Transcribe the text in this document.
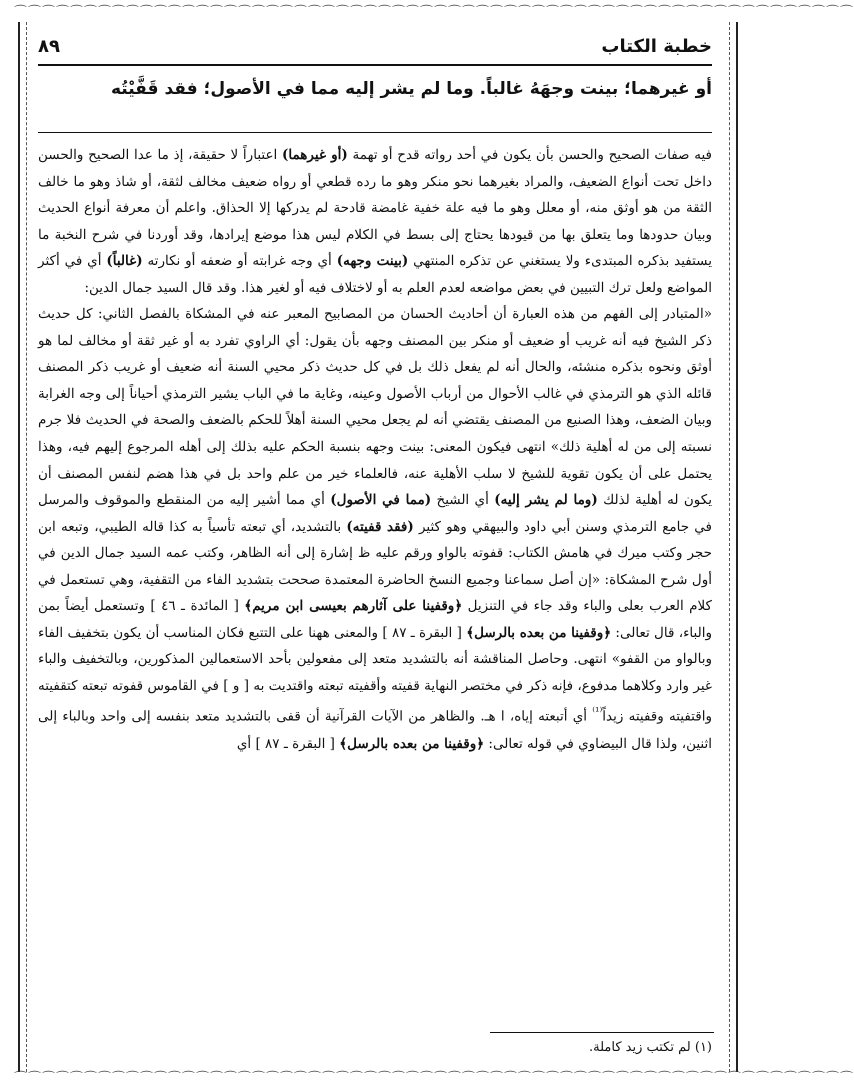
⌒⌒⌒⌒⌒⌒⌒⌒⌒⌒⌒⌒⌒⌒⌒⌒⌒⌒⌒⌒⌒⌒⌒⌒⌒⌒⌒⌒⌒⌒⌒⌒⌒⌒⌒⌒⌒⌒⌒⌒⌒⌒⌒⌒⌒⌒⌒⌒⌒⌒⌒⌒⌒⌒⌒⌒⌒⌒⌒⌒
⌒⌒⌒⌒⌒⌒⌒⌒⌒⌒⌒⌒⌒⌒⌒⌒⌒⌒⌒⌒⌒⌒⌒⌒⌒⌒⌒⌒⌒⌒⌒⌒⌒⌒⌒⌒⌒⌒⌒⌒⌒⌒⌒⌒⌒⌒⌒⌒⌒⌒⌒⌒⌒⌒⌒⌒⌒⌒⌒⌒
خطبة الكتاب
٨٩
أو غيرهما؛ بينت وجهَهُ غالباً. وما لم يشر إليه مما في الأصول؛ فقد قَفَّيْتُه

فيه صفات الصحيح والحسن بأن يكون في أحد رواته قدح أو تهمة (أو غيرهما) اعتباراً لا حقيقة، إذ ما عدا الصحيح والحسن داخل تحت أنواع الضعيف، والمراد بغيرهما نحو منكر وهو ما رده قطعي أو رواه ضعيف مخالف لثقة، أو شاذ وهو ما خالف الثقة من هو أوثق منه، أو معلل وهو ما فيه علة خفية غامضة قادحة لم يدركها إلا الحذاق. واعلم أن معرفة أنواع الحديث وبيان حدودها وما يتعلق بها من قيودها يحتاج إلى بسط في الكلام ليس هذا موضع إيرادها، وقد أوردنا في شرح النخبة ما يستفيد بذكره المبتدىء ولا يستغني عن تذكره المنتهي (بينت وجهه) أي وجه غرابته أو ضعفه أو نكارته (غالباً) أي في أكثر المواضع ولعل ترك التبيين في بعض مواضعه لعدم العلم به أو لاختلاف فيه أو لغير هذا. وقد قال السيد جمال الدين:

«المتبادر إلى الفهم من هذه العبارة أن أحاديث الحسان من المصابيح المعبر عنه في المشكاة بالفصل الثاني: كل حديث ذكر الشيخ فيه أنه غريب أو ضعيف أو منكر بين المصنف وجهه بأن يقول: أي الراوي تفرد به أو غير ثقة أو مخالف لما هو أوثق ونحوه بذكره منشئه، والحال أنه لم يفعل ذلك بل في كل حديث ذكر محيي السنة أنه ضعيف أو غريب ذكر المصنف قائله الذي هو الترمذي في غالب الأحوال من أرباب الأصول وعينه، وغاية ما في الباب يشير الترمذي أحياناً إلى وجه الغرابة وبيان الضعف، وهذا الصنيع من المصنف يقتضي أنه لم يجعل محيي السنة أهلاً للحكم بالضعف والصحة في الحديث فلا جرم نسبته إلى من له أهلية ذلك» انتهى فيكون المعنى: بينت وجهه بنسبة الحكم عليه بذلك إلى أهله المرجوع إليهم فيه، وهذا يحتمل على أن يكون تقوية للشيخ لا سلب الأهلية عنه، فالعلماء خير من علم واحد بل في هذا هضم لنفس المصنف أن يكون له أهلية لذلك (وما لم يشر إليه) أي الشيخ (مما في الأصول) أي مما أشير إليه من المنقطع والموقوف والمرسل في جامع الترمذي وسنن أبي داود والبيهقي وهو كثير (فقد قفيته) بالتشديد، أي تبعته تأسياً به كذا قاله الطيبي، وتبعه ابن حجر وكتب ميرك في هامش الكتاب: قفوته بالواو ورقم عليه ظ إشارة إلى أنه الظاهر، وكتب عمه السيد جمال الدين في أول شرح المشكاة: «إن أصل سماعنا وجميع النسخ الحاضرة المعتمدة صححت بتشديد الفاء من التقفية، وهي تستعمل في كلام العرب بعلى والباء وقد جاء في التنزيل ﴿وقفينا على آثارهم بعيسى ابن مريم﴾ [ المائدة ـ ٤٦ ] وتستعمل أيضاً بمن والباء، قال تعالى: ﴿وقفينا من بعده بالرسل﴾ [ البقرة ـ ٨٧ ] والمعنى ههنا على التتبع فكان المناسب أن يكون بتخفيف الفاء وبالواو من القفو» انتهى. وحاصل المناقشة أنه بالتشديد متعد إلى مفعولين بأحد الاستعمالين المذكورين، وبالتخفيف والباء غير وارد وكلاهما مدفوع، فإنه ذكر في مختصر النهاية قفيته وأقفيته تبعته واقتديت به [ و ] في القاموس قفوته تبعته كتقفيته واقتفيته وقفيته زيداً$^{^{(1)}}$ أي أتبعته إياه، ا هـ. والظاهر من الآيات القرآنية أن قفى بالتشديد متعد بنفسه إلى واحد وبالباء إلى اثنين، ولذا قال البيضاوي في قوله تعالى: ﴿وقفينا من بعده بالرسل﴾ [ البقرة ـ ٨٧ ] أي

(١) لم تكتب زيد كاملة.
